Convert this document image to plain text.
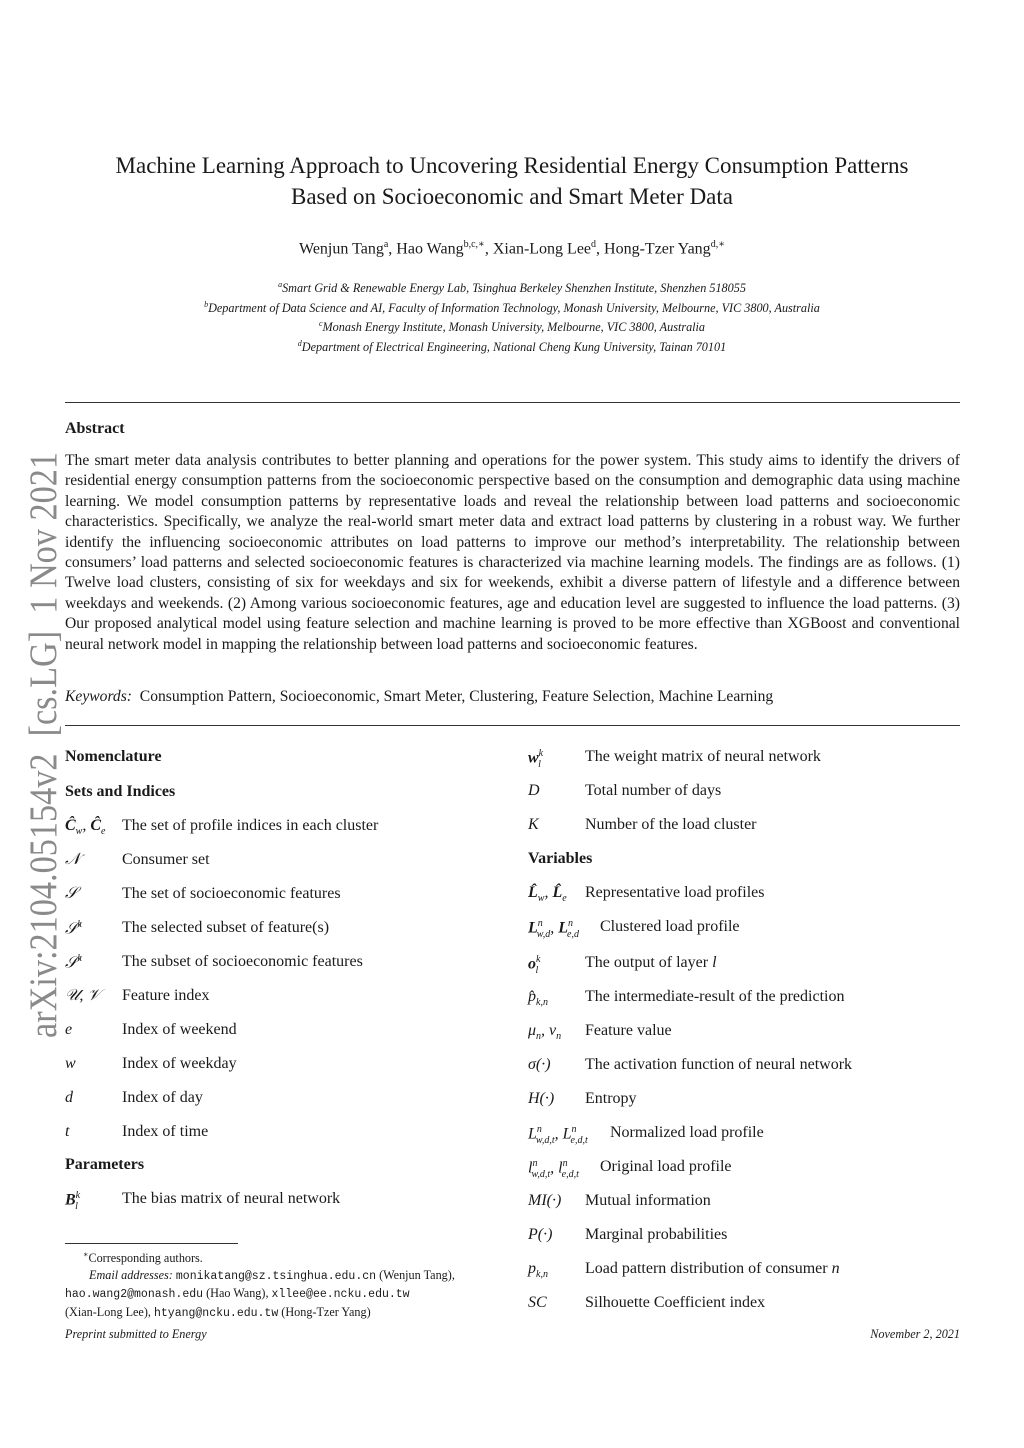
arXiv:2104.05154v2  [cs.LG]  1 Nov 2021
Machine Learning Approach to Uncovering Residential Energy Consumption Patterns
Based on Socioeconomic and Smart Meter Data
Wenjun Tang$^a$, Hao Wang$^{b,c,∗}$, Xian-Long Lee$^d$, Hong-Tzer Yang$^{d,∗}$
$^a$Smart Grid & Renewable Energy Lab, Tsinghua Berkeley Shenzhen Institute, Shenzhen 518055
$^b$Department of Data Science and AI, Faculty of Information Technology, Monash University, Melbourne, VIC 3800, Australia
$^c$Monash Energy Institute, Monash University, Melbourne, VIC 3800, Australia
$^d$Department of Electrical Engineering, National Cheng Kung University, Tainan 70101
Abstract
The smart meter data analysis contributes to better planning and operations for the power system. This study aims to identify the drivers of residential energy consumption patterns from the socioeconomic perspective based on the consumption and demographic data using machine learning. We model consumption patterns by representative loads and reveal the relationship between load patterns and socioeconomic characteristics. Specifically, we analyze the real-world smart meter data and extract load patterns by clustering in a robust way. We further identify the influencing socioeconomic attributes on load patterns to improve our method’s interpretability. The relationship between consumers’ load patterns and selected socioeconomic features is characterized via machine learning models. The findings are as follows. (1) Twelve load clusters, consisting of six for weekdays and six for weekends, exhibit a diverse pattern of lifestyle and a difference between weekdays and weekends. (2) Among various socioeconomic features, age and education level are suggested to influence the load patterns. (3) Our proposed analytical model using feature selection and machine learning is proved to be more effective than XGBoost and conventional neural network model in mapping the relationship between load patterns and socioeconomic features.
Keywords: Consumption Pattern, Socioeconomic, Smart Meter, Clustering, Feature Selection, Machine Learning
Nomenclature
Sets and Indices
$Ĉ_w$, $Ĉ_e$ The set of profile indices in each cluster
𝒩	Consumer set
𝒮	The set of socioeconomic features
𝒮$^k$	The selected subset of feature(s)
𝒮$^k$	The subset of socioeconomic features
𝒰, 𝒱 Feature index
e	Index of weekend
w	Index of weekday
d	Index of day
t	Index of time
Parameters
$B^k_l$	The bias matrix of neural network
$w^k_l$	The weight matrix of neural network
D	Total number of days
K	Number of the load cluster
Variables
$L̂_w$, $L̂_e$ Representative load profiles
$L^n_{w,d}$, $L^n_{e,d}$ Clustered load profile
$o^k_l$	The output of layer l
$p̂_{k,n}$ The intermediate-result of the prediction
$\mu_n$, $\nu_n$ Feature value
σ(·) The activation function of neural network
H(·) Entropy
$L^n_{w,d,t}$, $L^n_{e,d,t}$ Normalized load profile
$l^n_{w,d,t}$, $l^n_{e,d,t}$ Original load profile
MI(·) Mutual information
P(·) Marginal probabilities
$p_{k,n}$ Load pattern distribution of consumer n
SC Silhouette Coefficient index
∗Corresponding authors.
Email addresses: monikatang@sz.tsinghua.edu.cn (Wenjun Tang),
hao.wang2@monash.edu (Hao Wang), xllee@ee.ncku.edu.tw
(Xian-Long Lee), htyang@ncku.edu.tw (Hong-Tzer Yang)
Preprint submitted to Energy	November 2, 2021
